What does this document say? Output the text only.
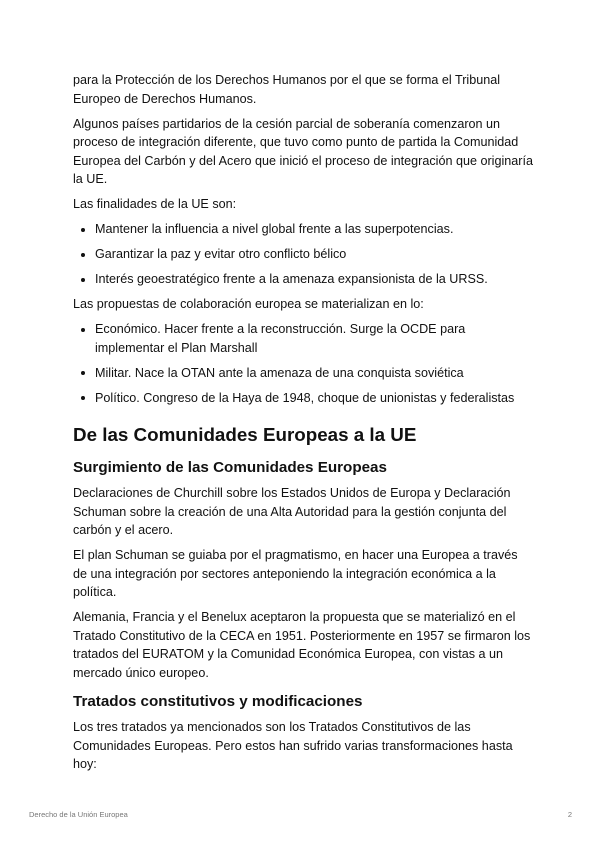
para la Protección de los Derechos Humanos por el que se forma el Tribunal Europeo de Derechos Humanos.

Algunos países partidarios de la cesión parcial de soberanía comenzaron un proceso de integración diferente, que tuvo como punto de partida la Comunidad Europea del Carbón y del Acero que inició el proceso de integración que originaría la UE.

Las finalidades de la UE son:

Mantener la influencia a nivel global frente a las superpotencias.
Garantizar la paz y evitar otro conflicto bélico
Interés geoestratégico frente a la amenaza expansionista de la URSS.

Las propuestas de colaboración europea se materializan en lo:

Económico. Hacer frente a la reconstrucción. Surge la OCDE para implementar el Plan Marshall
Militar. Nace la OTAN ante la amenaza de una conquista soviética
Político. Congreso de la Haya de 1948, choque de unionistas y federalistas
De las Comunidades Europeas a la UE
Surgimiento de las Comunidades Europeas

Declaraciones de Churchill sobre los Estados Unidos de Europa y Declaración Schuman sobre la creación de una Alta Autoridad para la gestión conjunta del carbón y el acero.

El plan Schuman se guiaba por el pragmatismo, en hacer una Europea a través de una integración por sectores anteponiendo la integración económica a la política.

Alemania, Francia y el Benelux aceptaron la propuesta que se materializó en el Tratado Constitutivo de la CECA en 1951. Posteriormente en 1957 se firmaron los tratados del EURATOM y la Comunidad Económica Europea, con vistas a un mercado único europeo.

Tratados constitutivos y modificaciones

Los tres tratados ya mencionados son los Tratados Constitutivos de las Comunidades Europeas. Pero estos han sufrido varias transformaciones hasta hoy:

Derecho de la Unión Europea	2
